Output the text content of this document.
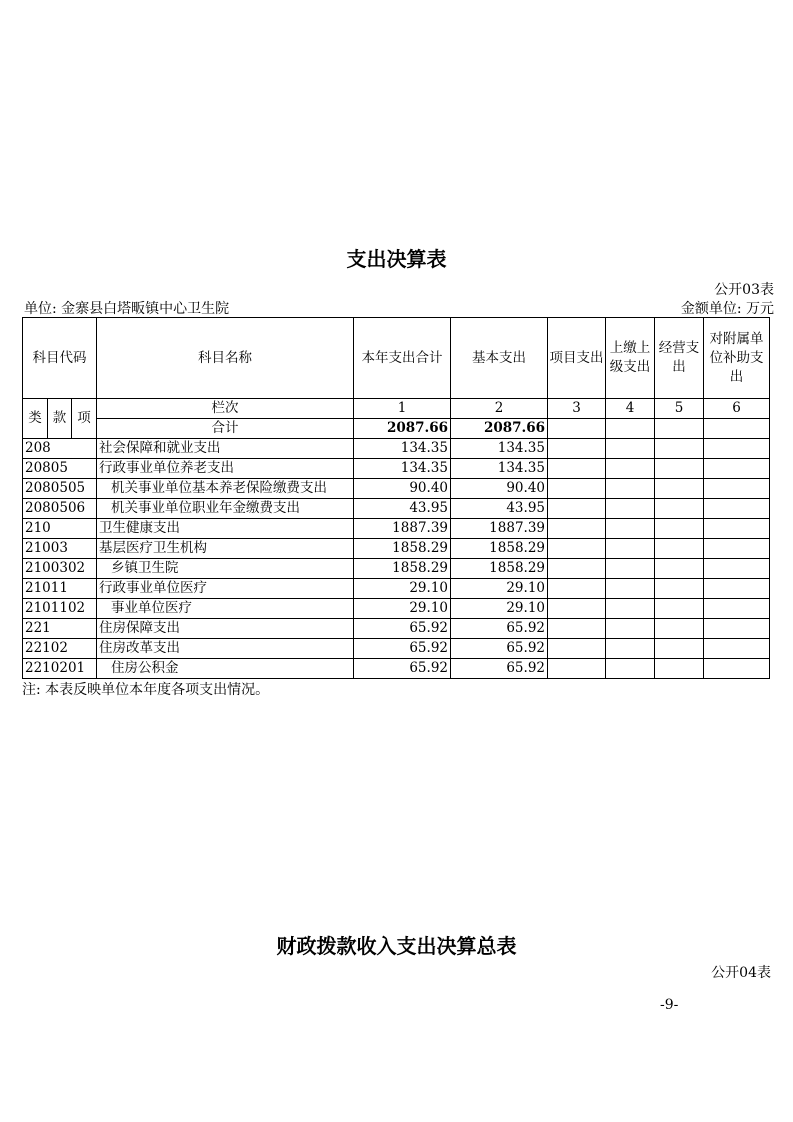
支出决算表
公开03表
单位: 金寨县白塔畈镇中心卫生院	金额单位: 万元
科目代码			科目名称	本年支出合计	基本支出	项目支出	上缴上级支出	经营支出	对附属单位补助支出

类	款	项	栏次	1	2	3	4	5	6
			合计	2087.66	2087.66				
208			社会保障和就业支出	134.35	134.35				
20805			行政事业单位养老支出	134.35	134.35				
2080505			机关事业单位基本养老保险缴费支出	90.40	90.40				
2080506			机关事业单位职业年金缴费支出	43.95	43.95				
210			卫生健康支出	1887.39	1887.39				
21003			基层医疗卫生机构	1858.29	1858.29				
2100302			乡镇卫生院	1858.29	1858.29				
21011			行政事业单位医疗	29.10	29.10				
2101102			事业单位医疗	29.10	29.10				
221			住房保障支出	65.92	65.92				
22102			住房改革支出	65.92	65.92				
2210201			住房公积金	65.92	65.92				
注: 本表反映单位本年度各项支出情况。
财政拨款收入支出决算总表
公开04表
-9-
